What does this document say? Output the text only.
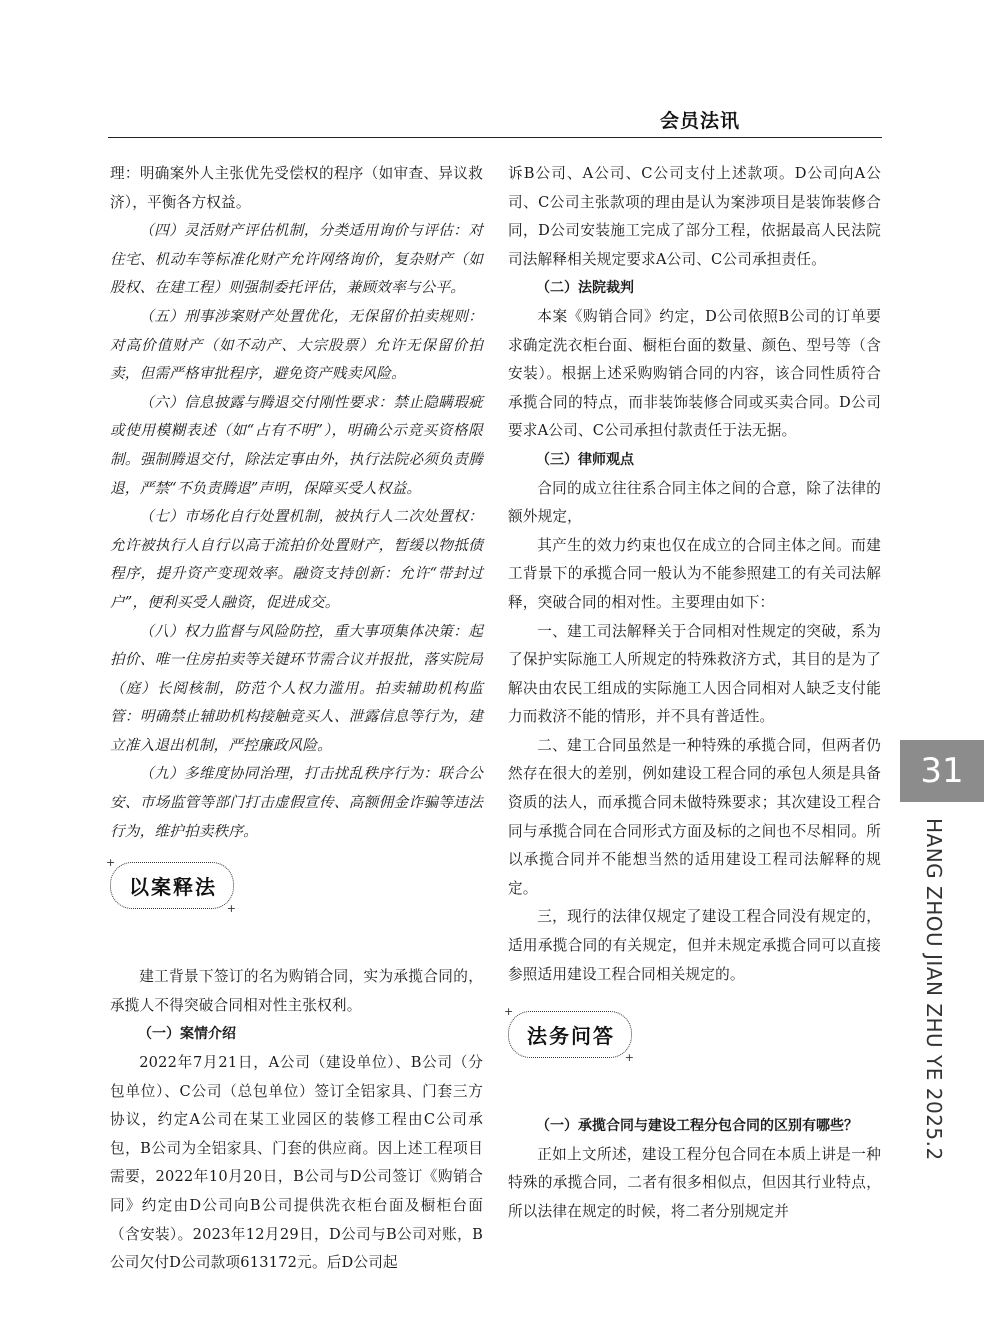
会员法讯

理：明确案外人主张优先受偿权的程序（如审查、异议救济），平衡各方权益。

（四）灵活财产评估机制，分类适用询价与评估：对住宅、机动车等标准化财产允许网络询价，复杂财产（如股权、在建工程）则强制委托评估，兼顾效率与公平。

（五）刑事涉案财产处置优化，无保留价拍卖规则：对高价值财产（如不动产、大宗股票）允许无保留价拍卖，但需严格审批程序，避免资产贱卖风险。

（六）信息披露与腾退交付刚性要求：禁止隐瞒瑕疵或使用模糊表述（如“占有不明”），明确公示竞买资格限制。强制腾退交付，除法定事由外，执行法院必须负责腾退，严禁“不负责腾退”声明，保障买受人权益。

（七）市场化自行处置机制，被执行人二次处置权：允许被执行人自行以高于流拍价处置财产，暂缓以物抵债程序，提升资产变现效率。融资支持创新：允许“带封过户”，便利买受人融资，促进成交。

（八）权力监督与风险防控，重大事项集体决策：起拍价、唯一住房拍卖等关键环节需合议并报批，落实院局（庭）长阅核制，防范个人权力滥用。拍卖辅助机构监管：明确禁止辅助机构接触竞买人、泄露信息等行为，建立准入退出机制，严控廉政风险。

（九）多维度协同治理，打击扰乱秩序行为：联合公安、市场监管等部门打击虚假宣传、高额佣金诈骗等违法行为，维护拍卖秩序。

+
以案释法
+

建工背景下签订的名为购销合同，实为承揽合同的，承揽人不得突破合同相对性主张权利。

（一）案情介绍

2022年7月21日，A公司（建设单位）、B公司（分包单位）、C公司（总包单位）签订全铝家具、门套三方协议，约定A公司在某工业园区的装修工程由C公司承包，B公司为全铝家具、门套的供应商。因上述工程项目需要，2022年10月20日，B公司与D公司签订《购销合同》约定由D公司向B公司提供洗衣柜台面及橱柜台面（含安装）。2023年12月29日，D公司与B公司对账，B公司欠付D公司款项613172元。后D公司起

诉B公司、A公司、C公司支付上述款项。D公司向A公司、C公司主张款项的理由是认为案涉项目是装饰装修合同，D公司安装施工完成了部分工程，依据最高人民法院司法解释相关规定要求A公司、C公司承担责任。

（二）法院裁判

本案《购销合同》约定，D公司依照B公司的订单要求确定洗衣柜台面、橱柜台面的数量、颜色、型号等（含安装）。根据上述采购购销合同的内容，该合同性质符合承揽合同的特点，而非装饰装修合同或买卖合同。D公司要求A公司、C公司承担付款责任于法无据。

（三）律师观点

合同的成立往往系合同主体之间的合意，除了法律的额外规定，

其产生的效力约束也仅在成立的合同主体之间。而建工背景下的承揽合同一般认为不能参照建工的有关司法解释，突破合同的相对性。主要理由如下：

一、建工司法解释关于合同相对性规定的突破，系为了保护实际施工人所规定的特殊救济方式，其目的是为了解决由农民工组成的实际施工人因合同相对人缺乏支付能力而救济不能的情形，并不具有普适性。

二、建工合同虽然是一种特殊的承揽合同，但两者仍然存在很大的差别，例如建设工程合同的承包人须是具备资质的法人，而承揽合同未做特殊要求；其次建设工程合同与承揽合同在合同形式方面及标的之间也不尽相同。所以承揽合同并不能想当然的适用建设工程司法解释的规定。

三，现行的法律仅规定了建设工程合同没有规定的，适用承揽合同的有关规定，但并未规定承揽合同可以直接参照适用建设工程合同相关规定的。

+
法务问答
+

（一）承揽合同与建设工程分包合同的区别有哪些？

正如上文所述，建设工程分包合同在本质上讲是一种特殊的承揽合同，二者有很多相似点，但因其行业特点，所以法律在规定的时候，将二者分别规定并

31
HANG ZHOU JIAN ZHU YE 2025.2
